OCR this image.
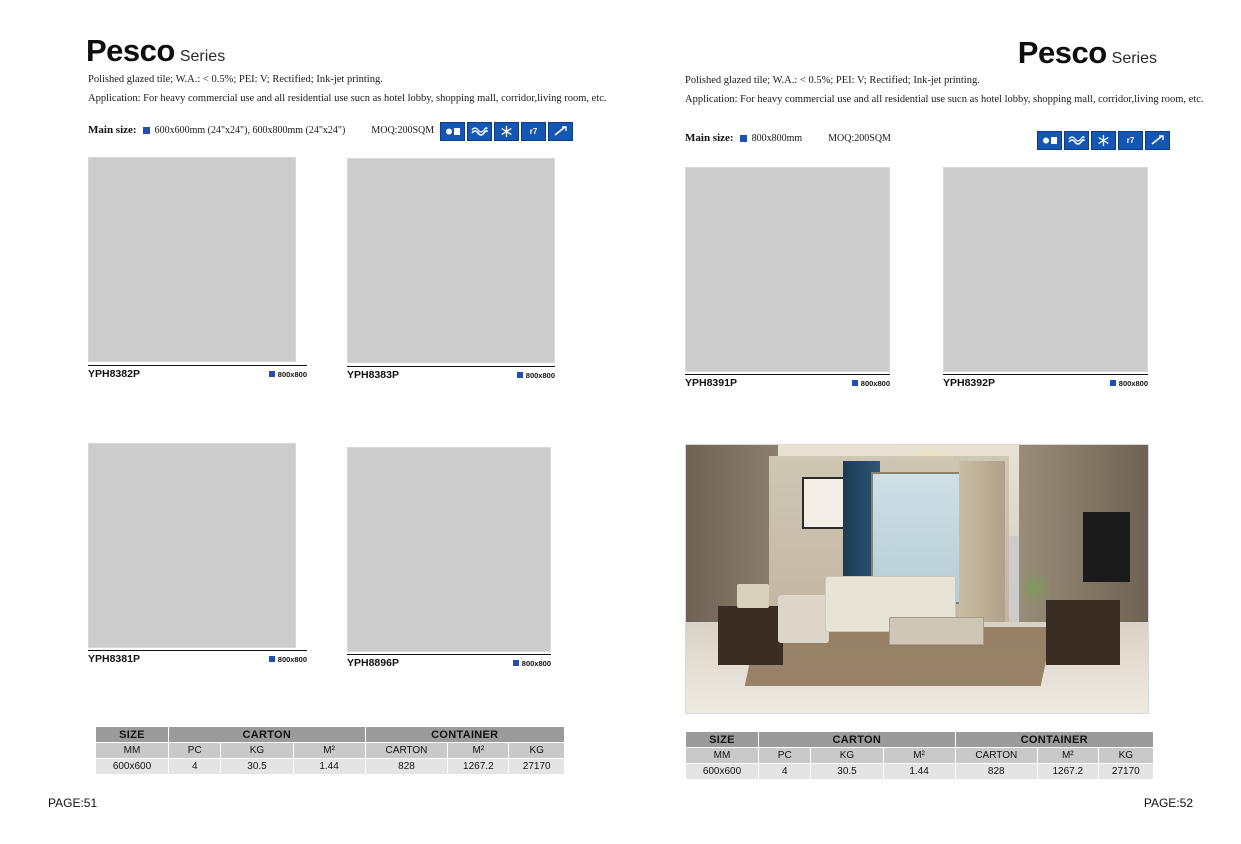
Pesco Series
Polished glazed tile; W.A.: < 0.5%; PEI: V; Rectified; Ink-jet printing.
Application: For heavy commercial use and all residential use sucn as hotel lobby, shopping mall, corridor,living room, etc.
Main size: 600x600mm (24"x24"), 600x800mm (24"x24")	MOQ:200SQM	r7
YPH8382P	800x800	YPH8383P	800x800
YPH8381P	800x800	YPH8896P	800x800
SIZE	CARTON			CONTAINER		
MM	PC	KG	M²	CARTON	M²	KG
600x600	4	30.5	1.44	828	1267.2	27170
PAGE:51
Pesco Series
Polished glazed tile; W.A.: < 0.5%; PEI: V; Rectified; Ink-jet printing.
Application: For heavy commercial use and all residential use sucn as hotel lobby, shopping mall, corridor,living room, etc.
Main size: 800x800mm	MOQ:200SQM	r7
YPH8391P	800x800	YPH8392P	800x800
SIZE	CARTON			CONTAINER		
MM	PC	KG	M²	CARTON	M²	KG
600x600	4	30.5	1.44	828	1267.2	27170
PAGE:52
